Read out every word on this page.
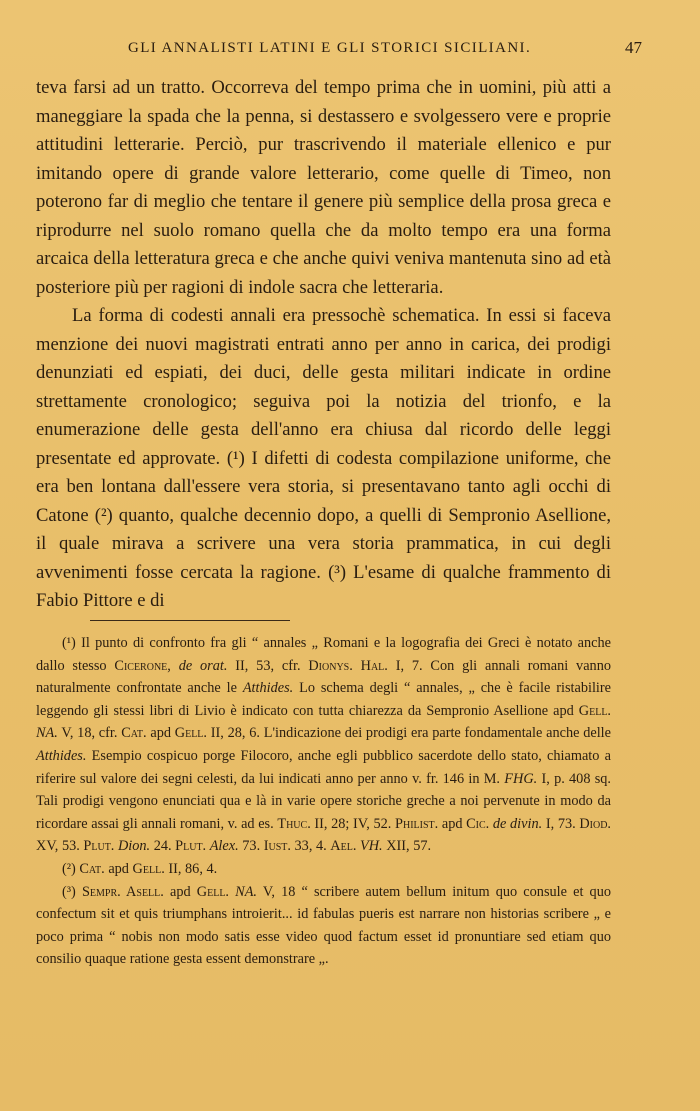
GLI ANNALISTI LATINI E GLI STORICI SICILIANI.	47

teva farsi ad un tratto. Occorreva del tempo prima che in uomini, più atti a maneggiare la spada che la penna, si destassero e svolgessero vere e proprie attitudini letterarie. Perciò, pur trascrivendo il materiale ellenico e pur imitando opere di grande valore letterario, come quelle di Timeo, non poterono far di meglio che tentare il genere più semplice della prosa greca e riprodurre nel suolo romano quella che da molto tempo era una forma arcaica della letteratura greca e che anche quivi veniva mantenuta sino ad età posteriore più per ragioni di indole sacra che letteraria.

La forma di codesti annali era pressochè schematica. In essi si faceva menzione dei nuovi magistrati entrati anno per anno in carica, dei prodigi denunziati ed espiati, dei duci, delle gesta militari indicate in ordine strettamente cronologico; seguiva poi la notizia del trionfo, e la enumerazione delle gesta dell'anno era chiusa dal ricordo delle leggi presentate ed approvate. (¹) I difetti di codesta compilazione uniforme, che era ben lontana dall'essere vera storia, si presentavano tanto agli occhi di Catone (²) quanto, qualche decennio dopo, a quelli di Sempronio Asellione, il quale mirava a scrivere una vera storia prammatica, in cui degli avvenimenti fosse cercata la ragione. (³) L'esame di qualche frammento di Fabio Pittore e di

(¹) Il punto di confronto fra gli “ annales „ Romani e la logografia dei Greci è notato anche dallo stesso Cicerone, de orat. II, 53, cfr. Dionys. Hal. I, 7. Con gli annali romani vanno naturalmente confrontate anche le Atthides. Lo schema degli “ annales, „ che è facile ristabilire leggendo gli stessi libri di Livio è indicato con tutta chiarezza da Sempronio Asellione apd Gell. NA. V, 18, cfr. Cat. apd Gell. II, 28, 6. L'indicazione dei prodigi era parte fondamentale anche delle Atthides. Esempio cospicuo porge Filocoro, anche egli pubblico sacerdote dello stato, chiamato a riferire sul valore dei segni celesti, da lui indicati anno per anno v. fr. 146 in M. FHG. I, p. 408 sq. Tali prodigi vengono enunciati qua e là in varie opere storiche greche a noi pervenute in modo da ricordare assai gli annali romani, v. ad es. Thuc. II, 28; IV, 52. Philist. apd Cic. de divin. I, 73. Diod. XV, 53. Plut. Dion. 24. Plut. Alex. 73. Iust. 33, 4. Ael. VH. XII, 57.

(²) Cat. apd Gell. II, 86, 4.

(³) Sempr. Asell. apd Gell. NA. V, 18 “ scribere autem bellum initum quo consule et quo confectum sit et quis triumphans introierit... id fabulas pueris est narrare non historias scribere „ e poco prima “ nobis non modo satis esse video quod factum esset id pronuntiare sed etiam quo consilio quaque ratione gesta essent demonstrare „.
